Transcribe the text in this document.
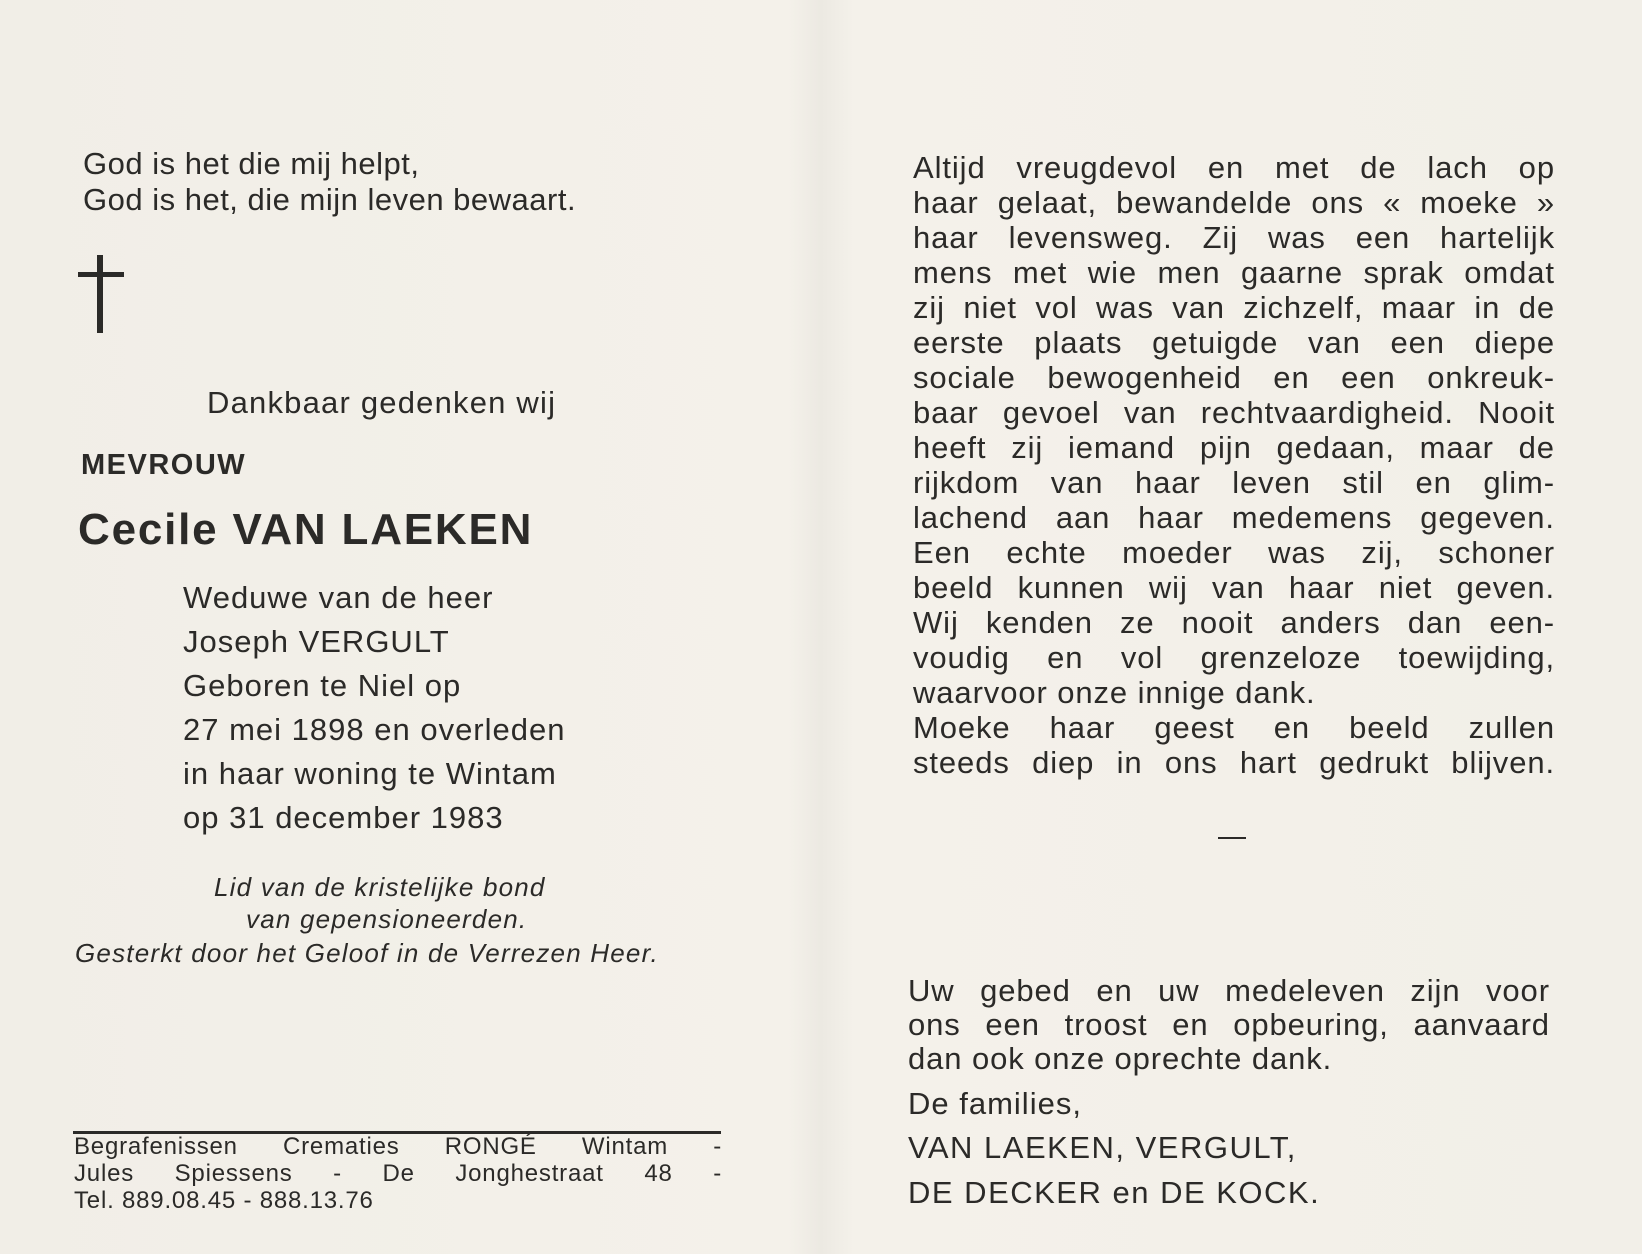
God is het die mij helpt,
God is het, die mijn leven bewaart.
Dankbaar gedenken wij
MEVROUW
Cecile VAN LAEKEN
Weduwe van de heer
Joseph VERGULT
Geboren te Niel op
27 mei 1898 en overleden
in haar woning te Wintam
op 31 december 1983
Lid van de kristelijke bond
van gepensioneerden.
Gesterkt door het Geloof in de Verrezen Heer.
Begrafenissen Crematies RONGÉ Wintam -
Jules Spiessens - De Jonghestraat 48 -
Tel. 889.08.45 - 888.13.76
Altijd vreugdevol en met de lach op
haar gelaat, bewandelde ons « moeke »
haar levensweg. Zij was een hartelijk
mens met wie men gaarne sprak omdat
zij niet vol was van zichzelf, maar in de
eerste plaats getuigde van een diepe
sociale bewogenheid en een onkreuk-
baar gevoel van rechtvaardigheid. Nooit
heeft zij iemand pijn gedaan, maar de
rijkdom van haar leven stil en glim-
lachend aan haar medemens gegeven.
Een echte moeder was zij, schoner
beeld kunnen wij van haar niet geven.
Wij kenden ze nooit anders dan een-
voudig en vol grenzeloze toewijding,
waarvoor onze innige dank.
Moeke haar geest en beeld zullen
steeds diep in ons hart gedrukt blijven.
Uw gebed en uw medeleven zijn voor
ons een troost en opbeuring, aanvaard
dan ook onze oprechte dank.
De families,
VAN LAEKEN, VERGULT,
DE DECKER en DE KOCK.
